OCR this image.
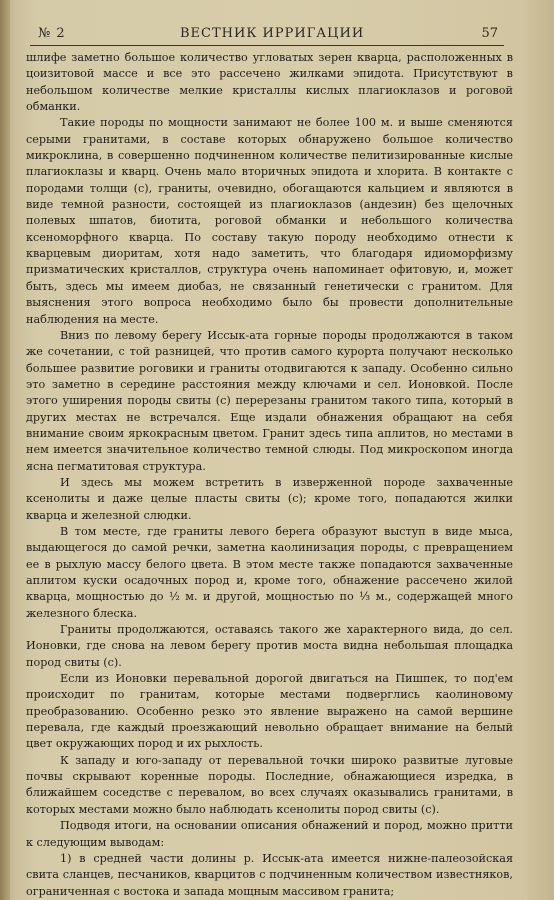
№ 2	ВЕСТНИК ИРРИГАЦИИ	57

шлифе заметно большое количество угловатых зерен кварца, расположенных в цоизитовой массе и все это рассечено жилками эпидота. Присутствуют в небольшом количестве мелкие кристаллы кислых плагиоклазов и роговой обманки.

Такие породы по мощности занимают не более 100 м. и выше сменяются серыми гранитами, в составе которых обнаружено большое количество микроклина, в совершенно подчиненном количестве пелитизированные кислые плагиоклазы и кварц. Очень мало вторичных эпидота и хлорита. В контакте с породами толщи (с), граниты, очевидно, обогащаются кальцием и являются в виде темной разности, состоящей из плагиоклазов (андезин) без щелочных полевых шпатов, биотита, роговой обманки и небольшого количества ксеноморфного кварца. По составу такую породу необходимо отнести к кварцевым диоритам, хотя надо заметить, что благодаря идиоморфизму призматических кристаллов, структура очень напоминает офитовую, и, может быть, здесь мы имеем диобаз, не связанный генетически с гранитом. Для выяснения этого вопроса необходимо было бы провести дополнительные наблюдения на месте.

Вниз по левому берегу Иссык-ата горные породы продолжаются в таком же сочетании, с той разницей, что против самого курорта получают несколько большее развитие роговики и граниты отодвигаются к западу. Особенно сильно это заметно в середине расстояния между ключами и сел. Ионовкой. После этого уширения породы свиты (с) перерезаны гранитом такого типа, который в других местах не встречался. Еще издали обнажения обращают на себя внимание своим яркокрасным цветом. Гранит здесь типа аплитов, но местами в нем имеется значительное количество темной слюды. Под микроскопом иногда ясна пегматитовая структура.

И здесь мы можем встретить в изверженной породе захваченные ксенолиты и даже целые пласты свиты (с); кроме того, попадаются жилки кварца и железной слюдки.

В том месте, где граниты левого берега образуют выступ в виде мыса, выдающегося до самой речки, заметна каолинизация породы, с превращением ее в рыхлую массу белого цвета. В этом месте также попадаются захваченные аплитом куски осадочных пород и, кроме того, обнажение рассечено жилой кварца, мощностью до ½ м. и другой, мощностью по ⅓ м., содержащей много железного блеска.

Граниты продолжаются, оставаясь такого же характерного вида, до сел. Ионовки, где снова на левом берегу против моста видна небольшая площадка пород свиты (с).

Если из Ионовки перевальной дорогой двигаться на Пишпек, то под'ем происходит по гранитам, которые местами подверглись каолиновому преобразованию. Особенно резко это явление выражено на самой вершине перевала, где каждый проезжающий невольно обращает внимание на белый цвет окружающих пород и их рыхлость.

К западу и юго-западу от перевальной точки широко развитые луговые почвы скрывают коренные породы. Последние, обнажающиеся изредка, в ближайшем соседстве с перевалом, во всех случаях оказывались гранитами, в которых местами можно было наблюдать ксенолиты пород свиты (с).

Подводя итоги, на основании описания обнажений и пород, можно притти к следующим выводам:

1) в средней части долины р. Иссык-ата имеется нижне-палеозойская свита сланцев, песчаников, кварцитов с подчиненным количеством известняков, ограниченная с востока и запада мощным массивом гранита;
